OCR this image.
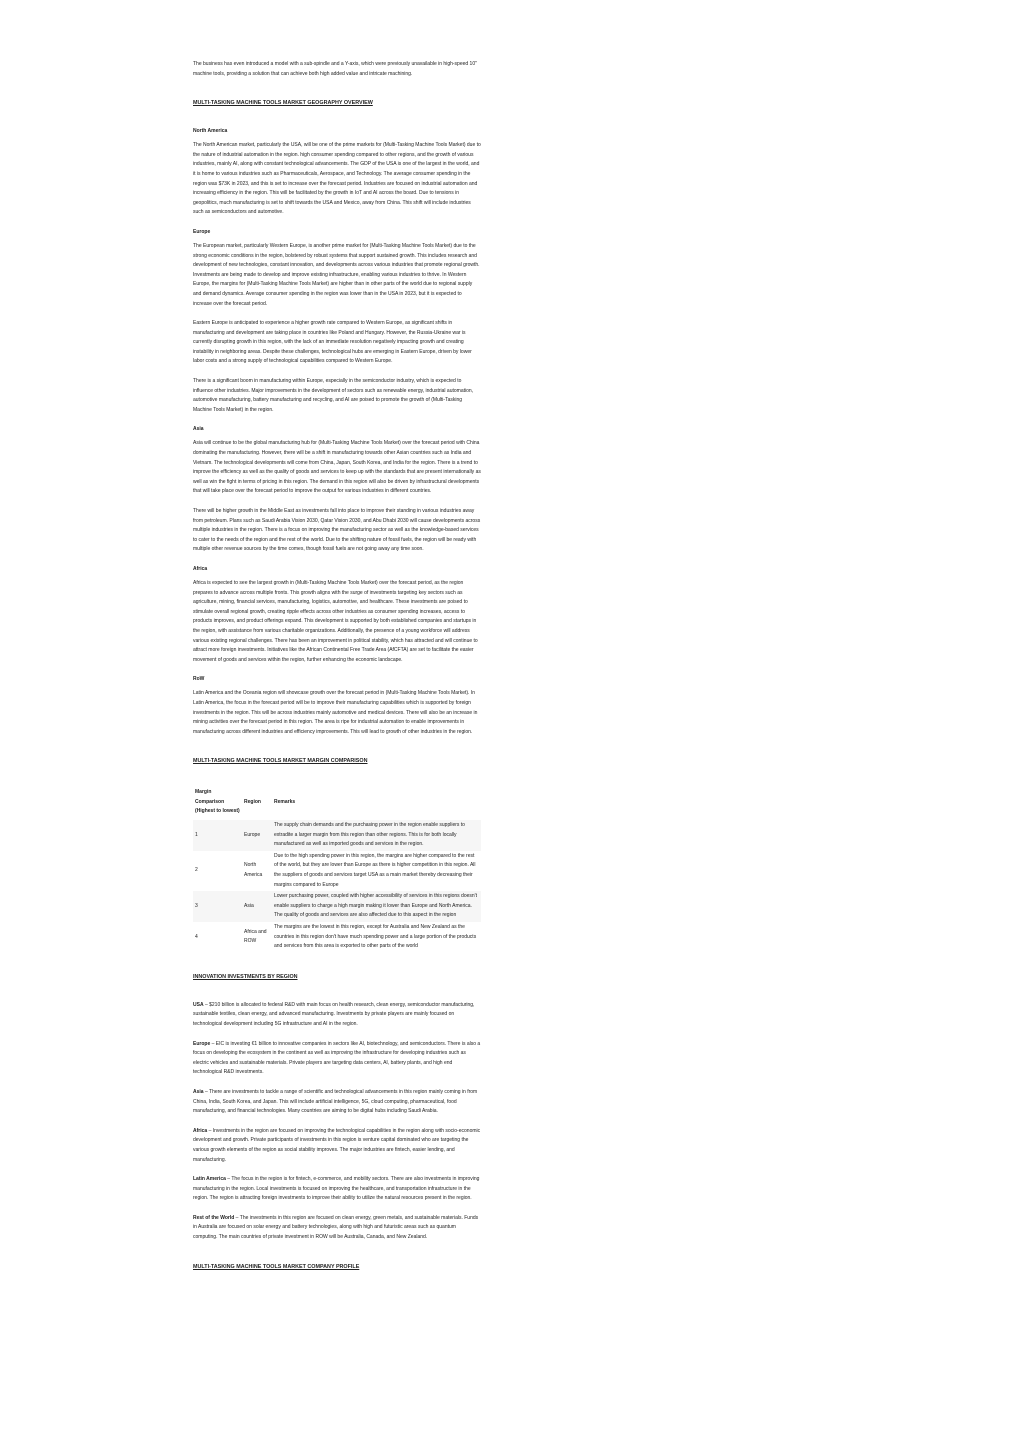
The business has even introduced a model with a sub-spindle and a Y-axis, which were previously unavailable in high-speed 10" machine tools, providing a solution that can achieve both high added value and intricate machining.

MULTI-TASKING MACHINE TOOLS MARKET GEOGRAPHY OVERVIEW

North America

The North American market, particularly the USA, will be one of the prime markets for (Multi-Tasking Machine Tools Market) due to the nature of industrial automation in the region. high consumer spending compared to other regions, and the growth of various industries, mainly AI, along with constant technological advancements. The GDP of the USA is one of the largest in the world, and it is home to various industries such as Pharmaceuticals, Aerospace, and Technology. The average consumer spending in the region was $73K in 2023, and this is set to increase over the forecast period. Industries are focused on industrial automation and increasing efficiency in the region. This will be facilitated by the growth in IoT and AI across the board. Due to tensions in geopolitics, much manufacturing is set to shift towards the USA and Mexico, away from China. This shift will include industries such as semiconductors and automotive.

Europe

The European market, particularly Western Europe, is another prime market for (Multi-Tasking Machine Tools Market) due to the strong economic conditions in the region, bolstered by robust systems that support sustained growth. This includes research and development of new technologies, constant innovation, and developments across various industries that promote regional growth. Investments are being made to develop and improve existing infrastructure, enabling various industries to thrive. In Western Europe, the margins for (Multi-Tasking Machine Tools Market) are higher than in other parts of the world due to regional supply and demand dynamics. Average consumer spending in the region was lower than in the USA in 2023, but it is expected to increase over the forecast period.

Eastern Europe is anticipated to experience a higher growth rate compared to Western Europe, as significant shifts in manufacturing and development are taking place in countries like Poland and Hungary. However, the Russia-Ukraine war is currently disrupting growth in this region, with the lack of an immediate resolution negatively impacting growth and creating instability in neighboring areas. Despite these challenges, technological hubs are emerging in Eastern Europe, driven by lower labor costs and a strong supply of technological capabilities compared to Western Europe.

There is a significant boom in manufacturing within Europe, especially in the semiconductor industry, which is expected to influence other industries. Major improvements in the development of sectors such as renewable energy, industrial automation, automotive manufacturing, battery manufacturing and recycling, and AI are poised to promote the growth of (Multi-Tasking Machine Tools Market) in the region.

Asia

Asia will continue to be the global manufacturing hub for (Multi-Tasking Machine Tools Market) over the forecast period with China dominating the manufacturing. However, there will be a shift in manufacturing towards other Asian countries such as India and Vietnam. The technological developments will come from China, Japan, South Korea, and India for the region. There is a trend to improve the efficiency as well as the quality of goods and services to keep up with the standards that are present internationally as well as win the fight in terms of pricing in this region. The demand in this region will also be driven by infrastructural developments that will take place over the forecast period to improve the output for various industries in different countries.

There will be higher growth in the Middle East as investments fall into place to improve their standing in various industries away from petroleum. Plans such as Saudi Arabia Vision 2030, Qatar Vision 2030, and Abu Dhabi 2030 will cause developments across multiple industries in the region. There is a focus on improving the manufacturing sector as well as the knowledge-based services to cater to the needs of the region and the rest of the world. Due to the shifting nature of fossil fuels, the region will be ready with multiple other revenue sources by the time comes, though fossil fuels are not going away any time soon.

Africa

Africa is expected to see the largest growth in (Multi-Tasking Machine Tools Market) over the forecast period, as the region prepares to advance across multiple fronts. This growth aligns with the surge of investments targeting key sectors such as agriculture, mining, financial services, manufacturing, logistics, automotive, and healthcare. These investments are poised to stimulate overall regional growth, creating ripple effects across other industries as consumer spending increases, access to products improves, and product offerings expand. This development is supported by both established companies and startups in the region, with assistance from various charitable organizations. Additionally, the presence of a young workforce will address various existing regional challenges. There has been an improvement in political stability, which has attracted and will continue to attract more foreign investments. Initiatives like the African Continental Free Trade Area (AfCFTA) are set to facilitate the easier movement of goods and services within the region, further enhancing the economic landscape.

RoW

Latin America and the Oceania region will showcase growth over the forecast period in (Multi-Tasking Machine Tools Market). In Latin America, the focus in the forecast period will be to improve their manufacturing capabilities which is supported by foreign investments in the region. This will be across industries mainly automotive and medical devices. There will also be an increase in mining activities over the forecast period in this region. The area is ripe for industrial automation to enable improvements in manufacturing across different industries and efficiency improvements. This will lead to growth of other industries in the region.

MULTI-TASKING MACHINE TOOLS MARKET MARGIN COMPARISON

Margin Comparison (Highest to lowest)	Region	Remarks
1	Europe	The supply chain demands and the purchasing power in the region enable suppliers to extradite a larger margin from this region than other regions. This is for both locally manufactured as well as imported goods and services in the region.
2	North America	Due to the high spending power in this region, the margins are higher compared to the rest of the world, but they are lower than Europe as there is higher competition in this region. All the suppliers of goods and services target USA as a main market thereby decreasing their margins compared to Europe
3	Asia	Lower purchasing power, coupled with higher accessibility of services in this regions doesn't enable suppliers to charge a high margin making it lower than Europe and North America. The quality of goods and services are also affected due to this aspect in the region
4	Africa and ROW	The margins are the lowest in this region, except for Australia and New Zealand as the countries in this region don't have much spending power and a large portion of the products and services from this area is exported to other parts of the world

INNOVATION INVESTMENTS BY REGION

USA – $210 billion is allocated to federal R&D with main focus on health research, clean energy, semiconductor manufacturing, sustainable textiles, clean energy, and advanced manufacturing. Investments by private players are mainly focused on technological development including 5G infrastructure and AI in the region.

Europe – EIC is investing €1 billion to innovative companies in sectors like AI, biotechnology, and semiconductors. There is also a focus on developing the ecosystem in the continent as well as improving the infrastructure for developing industries such as electric vehicles and sustainable materials. Private players are targeting data centers, AI, battery plants, and high end technological R&D investments.

Asia – There are investments to tackle a range of scientific and technological advancements in this region mainly coming in from China, India, South Korea, and Japan. This will include artificial intelligence, 5G, cloud computing, pharmaceutical, food manufacturing, and financial technologies. Many countries are aiming to be digital hubs including Saudi Arabia.

Africa – Investments in the region are focused on improving the technological capabilities in the region along with socio-economic development and growth. Private participants of investments in this region is venture capital dominated who are targeting the various growth elements of the region as social stability improves. The major industries are fintech, easier lending, and manufacturing.

Latin America – The focus in the region is for fintech, e-commerce, and mobility sectors. There are also investments in improving manufacturing in the region. Local investments is focused on improving the healthcare, and transportation infrastructure in the region. The region is attracting foreign investments to improve their ability to utilize the natural resources present in the region.

Rest of the World – The investments in this region are focused on clean energy, green metals, and sustainable materials. Funds in Australia are focused on solar energy and battery technologies, along with high and futuristic areas such as quantum computing. The main countries of private investment in ROW will be Australia, Canada, and New Zealand.

MULTI-TASKING MACHINE TOOLS MARKET COMPANY PROFILE
